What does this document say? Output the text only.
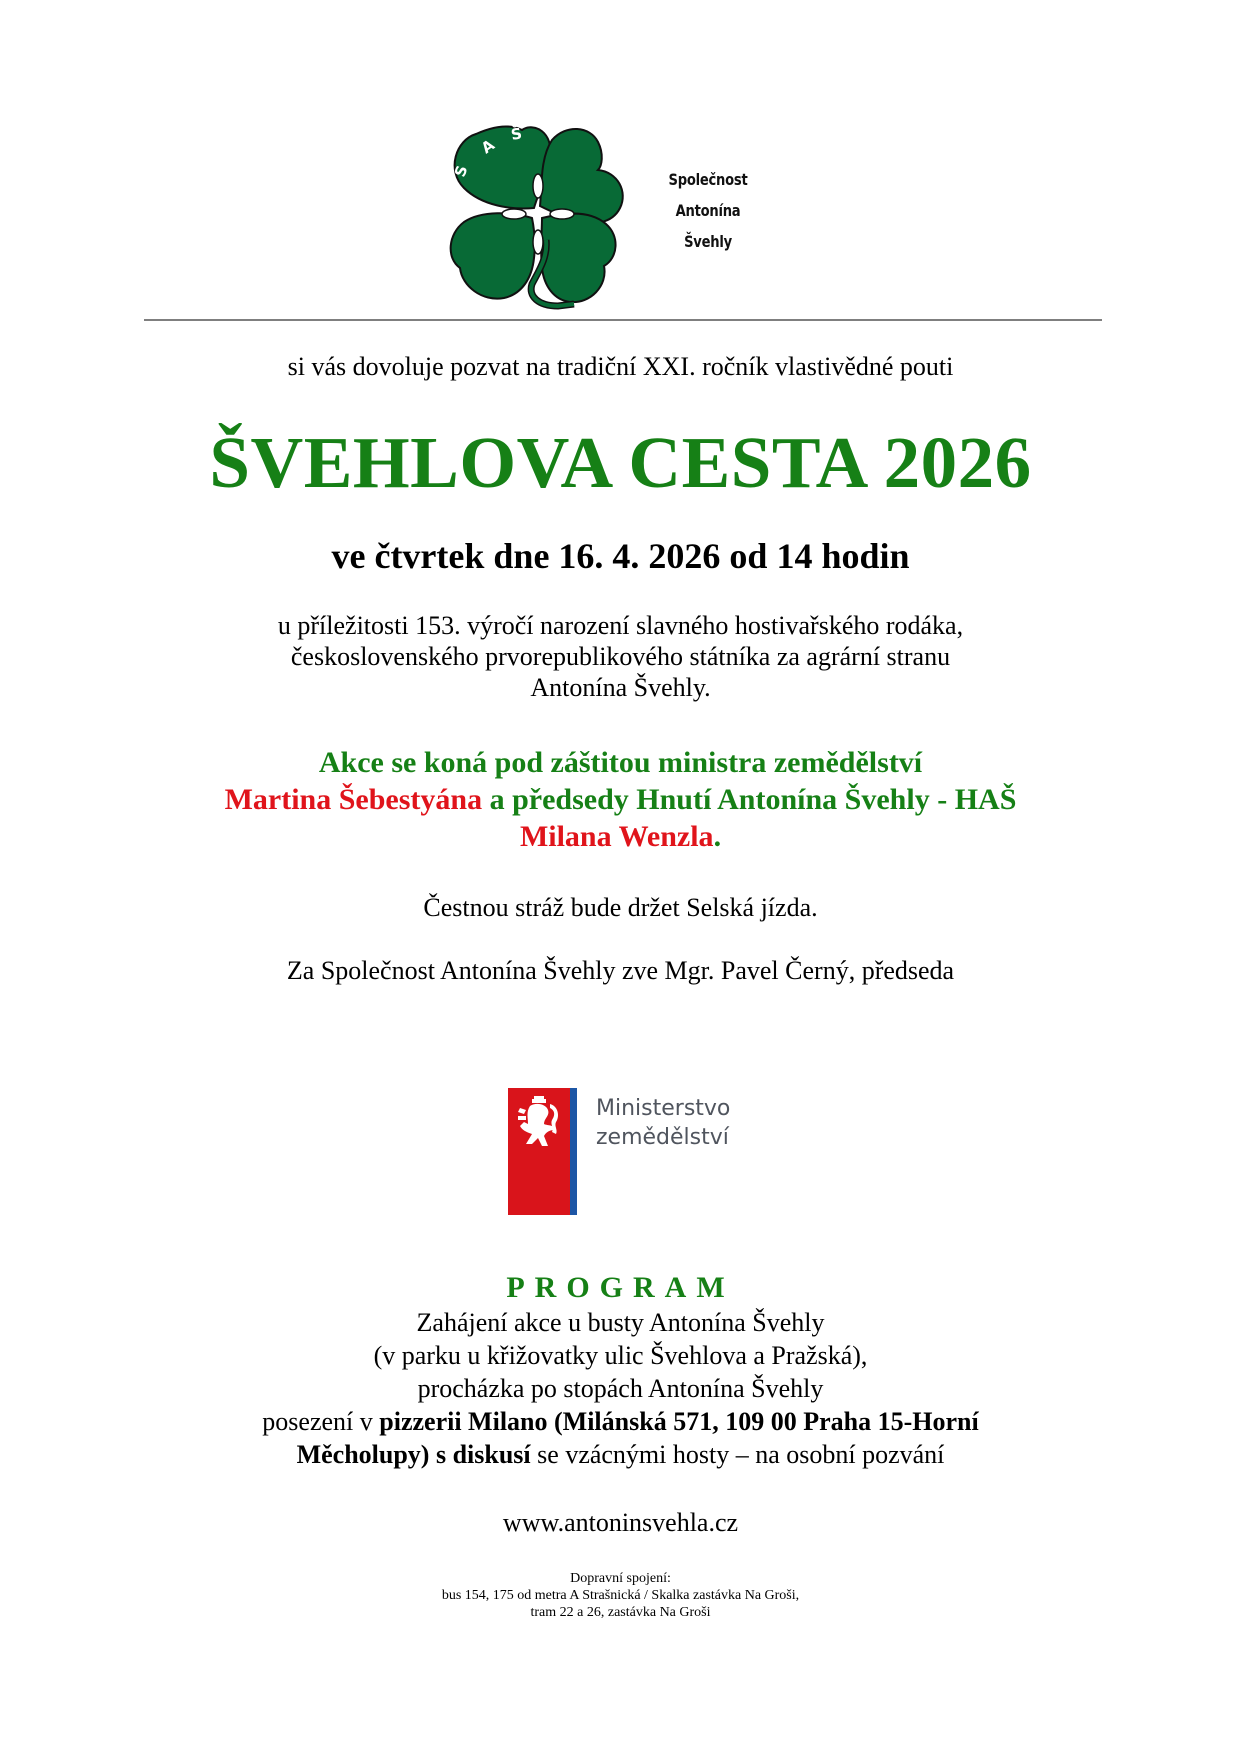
S
A
Š
Společnost
Antonína
Švehly
si vás dovoluje pozvat na tradiční XXI. ročník vlastivědné pouti
ŠVEHLOVA CESTA 2026
ve čtvrtek dne 16. 4. 2026 od 14 hodin
u příležitosti 153. výročí narození slavného hostivařského rodáka,
československého prvorepublikového státníka za agrární stranu
Antonína Švehly.
Akce se koná pod záštitou ministra zemědělství
Martina Šebestyána a předsedy Hnutí Antonína Švehly - HAŠ
Milana Wenzla.
Čestnou stráž bude držet Selská jízda.
Za Společnost Antonína Švehly zve Mgr. Pavel Černý, předseda
Ministerstvo
zemědělství
PROGRAM
Zahájení akce u busty Antonína Švehly
(v parku u křižovatky ulic Švehlova a Pražská),
procházka po stopách Antonína Švehly
posezení v pizzerii Milano (Milánská 571, 109 00 Praha 15-Horní
Měcholupy) s diskusí se vzácnými hosty – na osobní pozvání
www.antoninsvehla.cz
Dopravní spojení:
bus 154, 175 od metra A Strašnická / Skalka zastávka Na Groši,
tram 22 a 26, zastávka Na Groši
